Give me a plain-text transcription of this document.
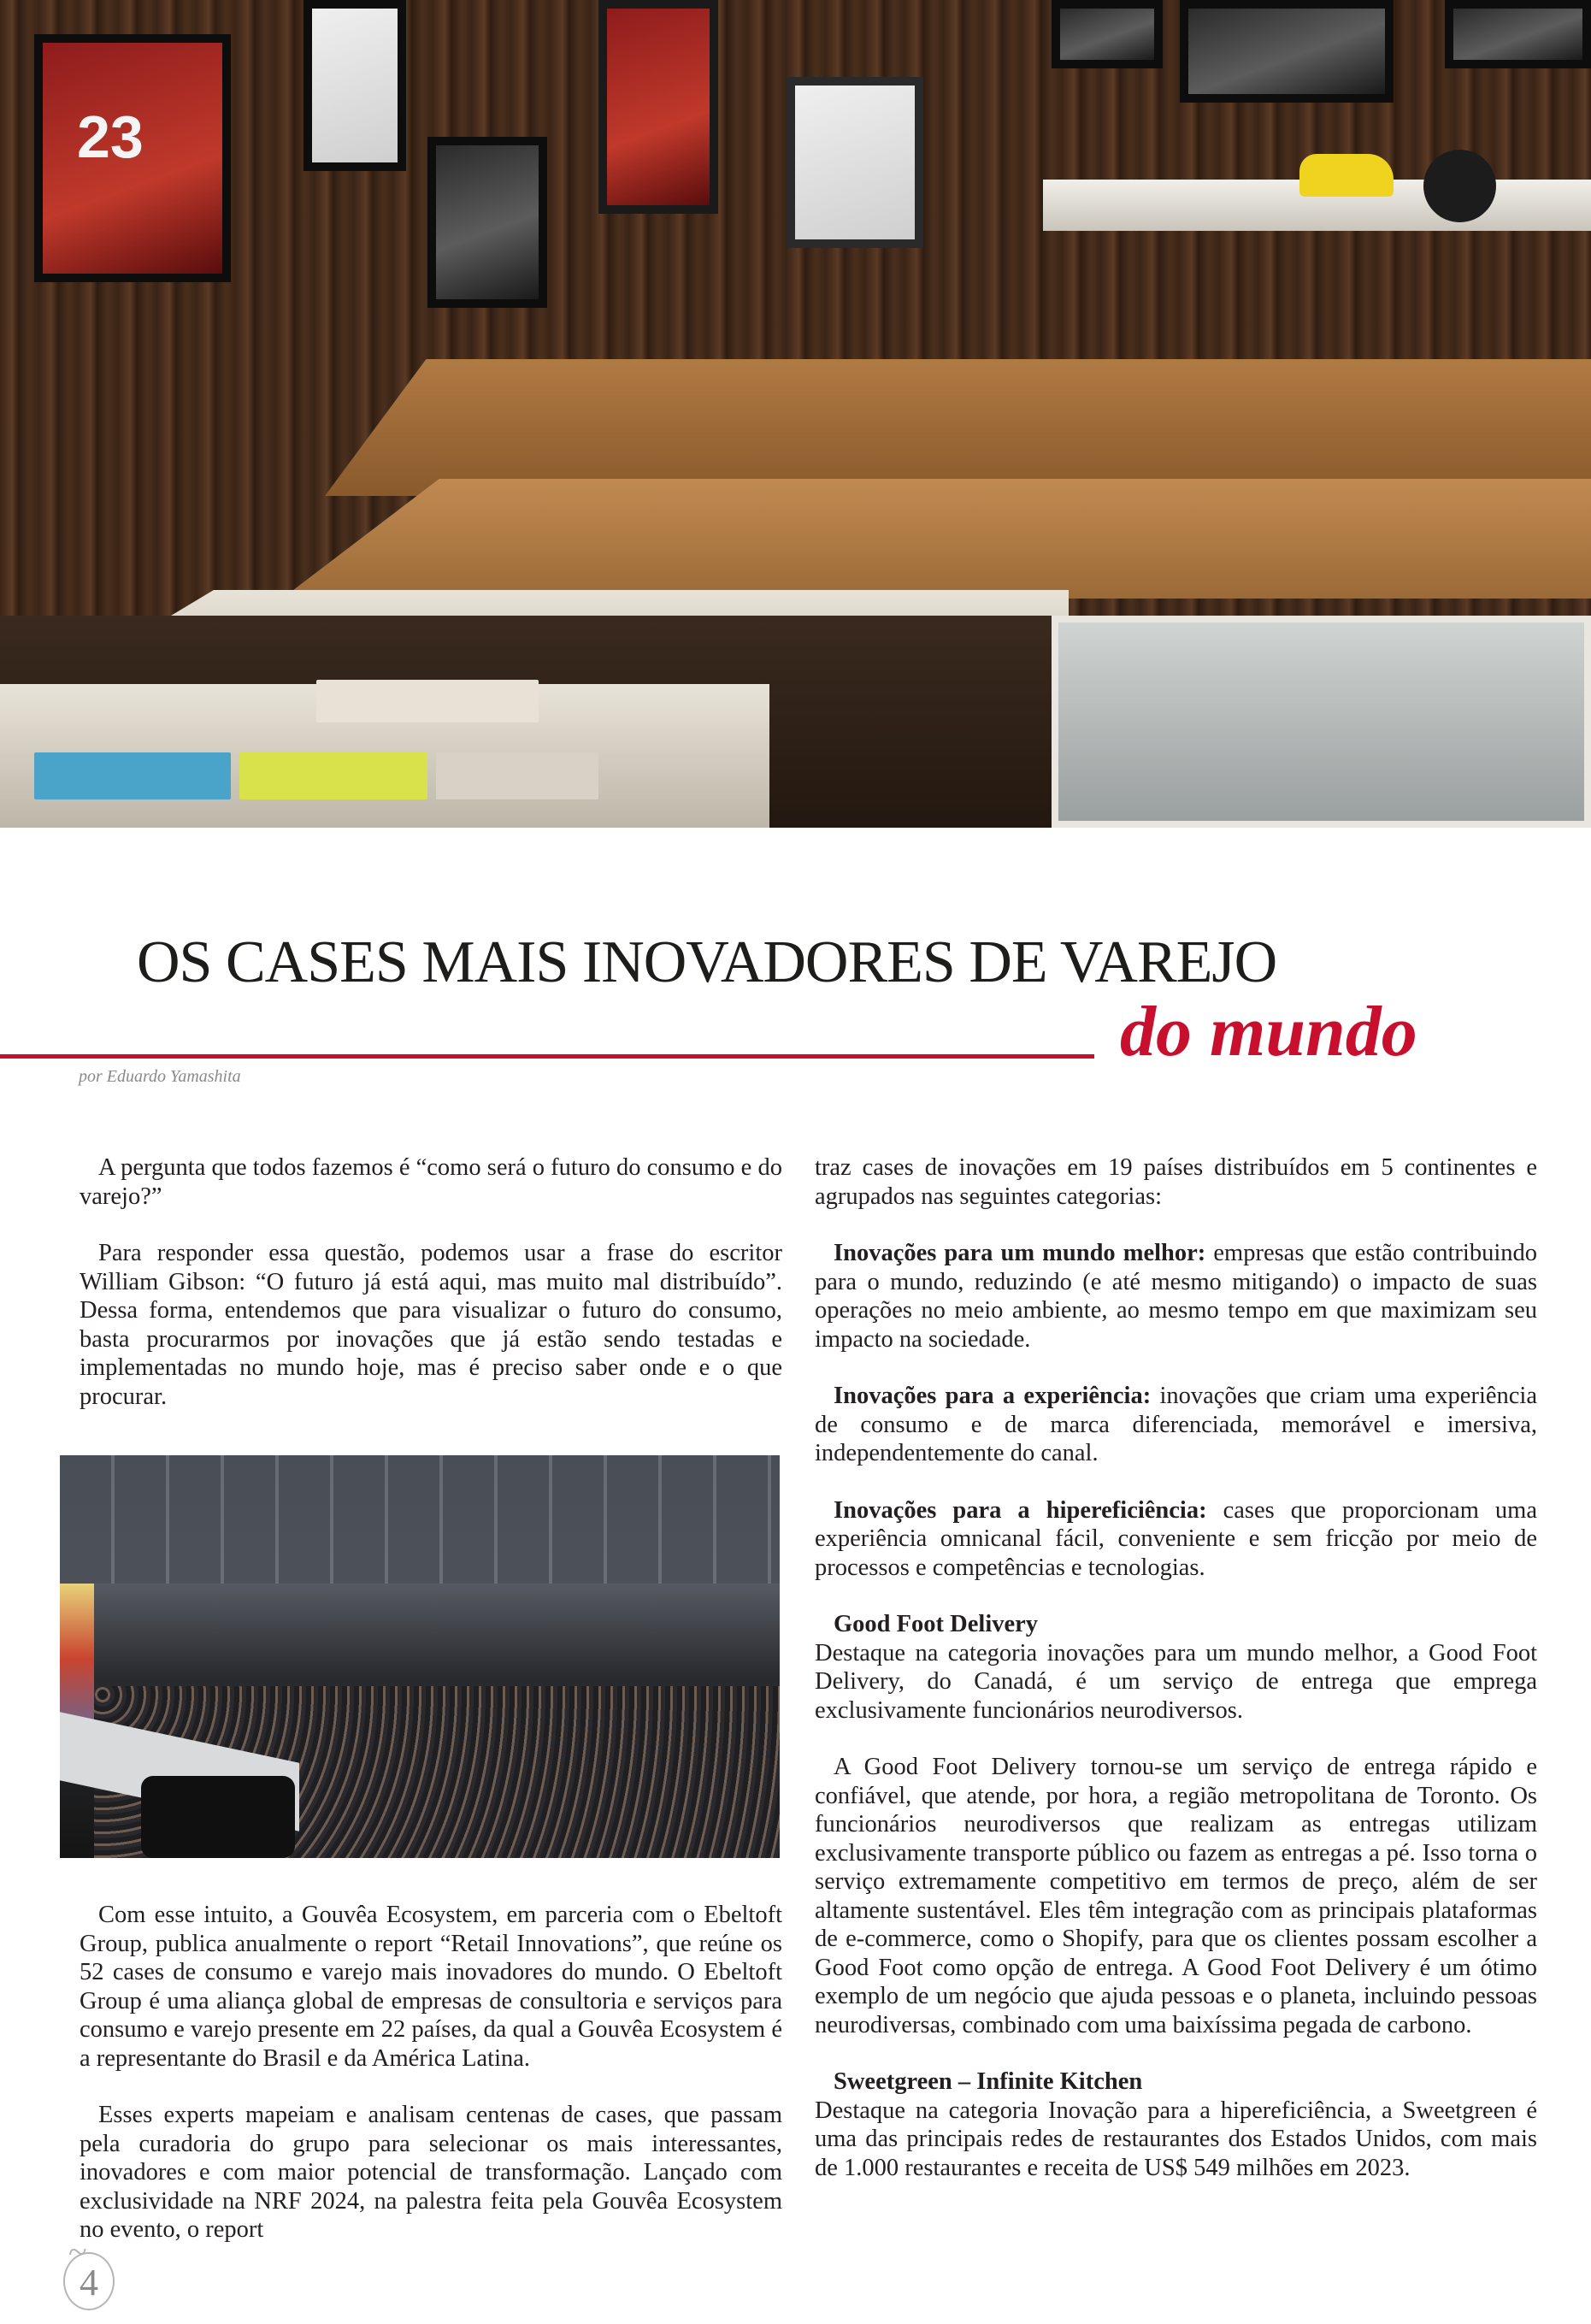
23
OS CASES MAIS INOVADORES DE VAREJO
do mundo
por Eduardo Yamashita

A pergunta que todos fazemos é “como será o futuro do consumo e do varejo?”

Para responder essa questão, podemos usar a frase do escritor William Gibson: “O futuro já está aqui, mas muito mal distribuído”. Dessa forma, entendemos que para visualizar o futuro do consumo, basta procurarmos por inovações que já estão sendo testadas e implementadas no mundo hoje, mas é preciso saber onde e o que procurar.

Com esse intuito, a Gouvêa Ecosystem, em parceria com o Ebeltoft Group, publica anualmente o report “Retail Innovations”, que reúne os 52 cases de consumo e varejo mais inovadores do mundo. O Ebeltoft Group é uma aliança global de empresas de consultoria e serviços para consumo e varejo presente em 22 países, da qual a Gouvêa Ecosystem é a representante do Brasil e da América Latina.

Esses experts mapeiam e analisam centenas de cases, que passam pela curadoria do grupo para selecionar os mais interessantes, inovadores e com maior potencial de transformação. Lançado com exclusividade na NRF 2024, na palestra feita pela Gouvêa Ecosystem no evento, o report

~
4

traz cases de inovações em 19 países distribuídos em 5 continentes e agrupados nas seguintes categorias:

Inovações para um mundo melhor: empresas que estão contribuindo para o mundo, reduzindo (e até mesmo mitigando) o impacto de suas operações no meio ambiente, ao mesmo tempo em que maximizam seu impacto na sociedade.

Inovações para a experiência: inovações que criam uma experiência de consumo e de marca diferenciada, memorável e imersiva, independentemente do canal.

Inovações para a hipereficiência: cases que proporcionam uma experiência omnicanal fácil, conveniente e sem fricção por meio de processos e competências e tecnologias.

Good Foot Delivery
Destaque na categoria inovações para um mundo melhor, a Good Foot Delivery, do Canadá, é um serviço de entrega que emprega exclusivamente funcionários neurodiversos.

A Good Foot Delivery tornou-se um serviço de entrega rápido e confiável, que atende, por hora, a região metropolitana de Toronto. Os funcionários neurodiversos que realizam as entregas utilizam exclusivamente transporte público ou fazem as entregas a pé. Isso torna o serviço extremamente competitivo em termos de preço, além de ser altamente sustentável. Eles têm integração com as principais plataformas de e-commerce, como o Shopify, para que os clientes possam escolher a Good Foot como opção de entrega. A Good Foot Delivery é um ótimo exemplo de um negócio que ajuda pessoas e o planeta, incluindo pessoas neurodiversas, combinado com uma baixíssima pegada de carbono.

Sweetgreen – Infinite Kitchen
Destaque na categoria Inovação para a hipereficiência, a Sweetgreen é uma das principais redes de restaurantes dos Estados Unidos, com mais de 1.000 restaurantes e receita de US$ 549 milhões em 2023.
